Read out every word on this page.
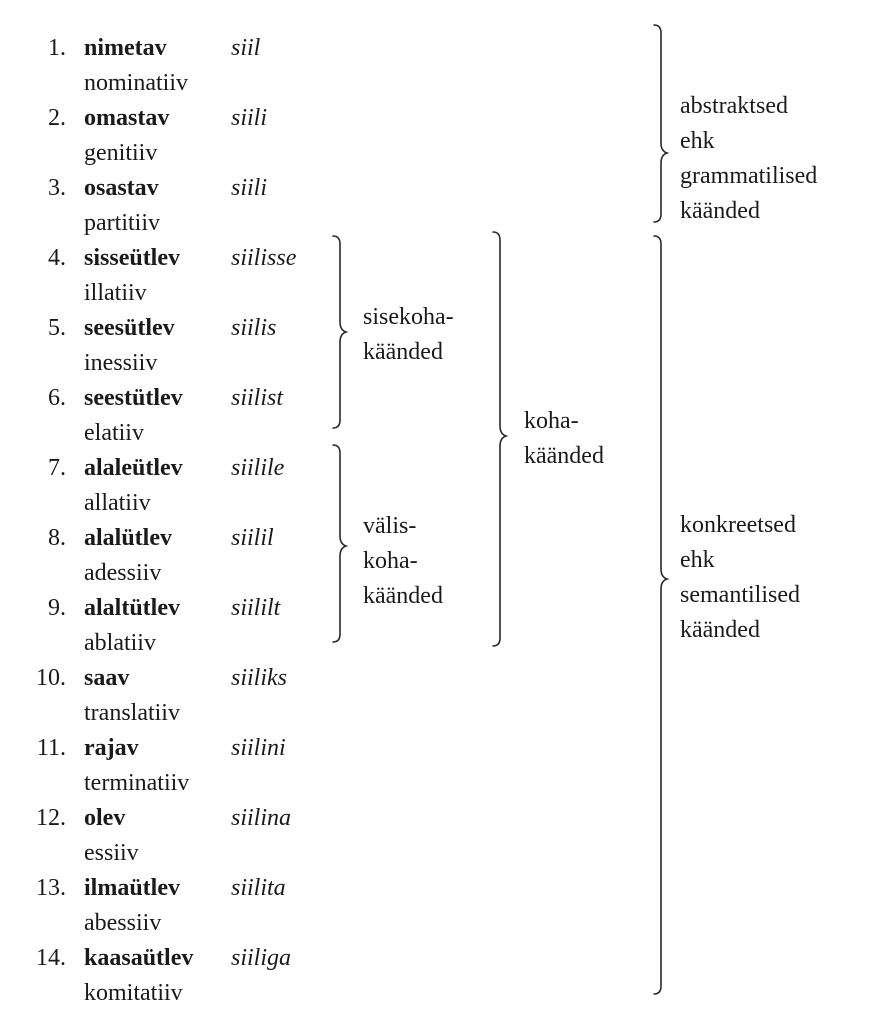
1. nimetav
nominatiiv
siil
2. omastav
genitiiv
siili
3. osastav
partitiiv
siili
4. sisseütlev
illatiiv
siilisse
5. seesütlev
inessiiv
siilis
6. seestütlev
elatiiv
siilist
7. alaleütlev
allatiiv
siilile
8. alalütlev
adessiiv
siilil
9. alaltütlev
ablatiiv
siililt
10. saav
translatiiv
siiliks
11. rajav
terminatiiv
siilini
12. olev
essiiv
siilina
13. ilmaütlev
abessiiv
siilita
14. kaasaütlev
komitatiiv
siiliga
sisekoha-
käänded
välis-
koha-
käänded
koha-
käänded
abstraktsed
ehk
grammatilised
käänded
konkreetsed
ehk
semantilised
käänded
